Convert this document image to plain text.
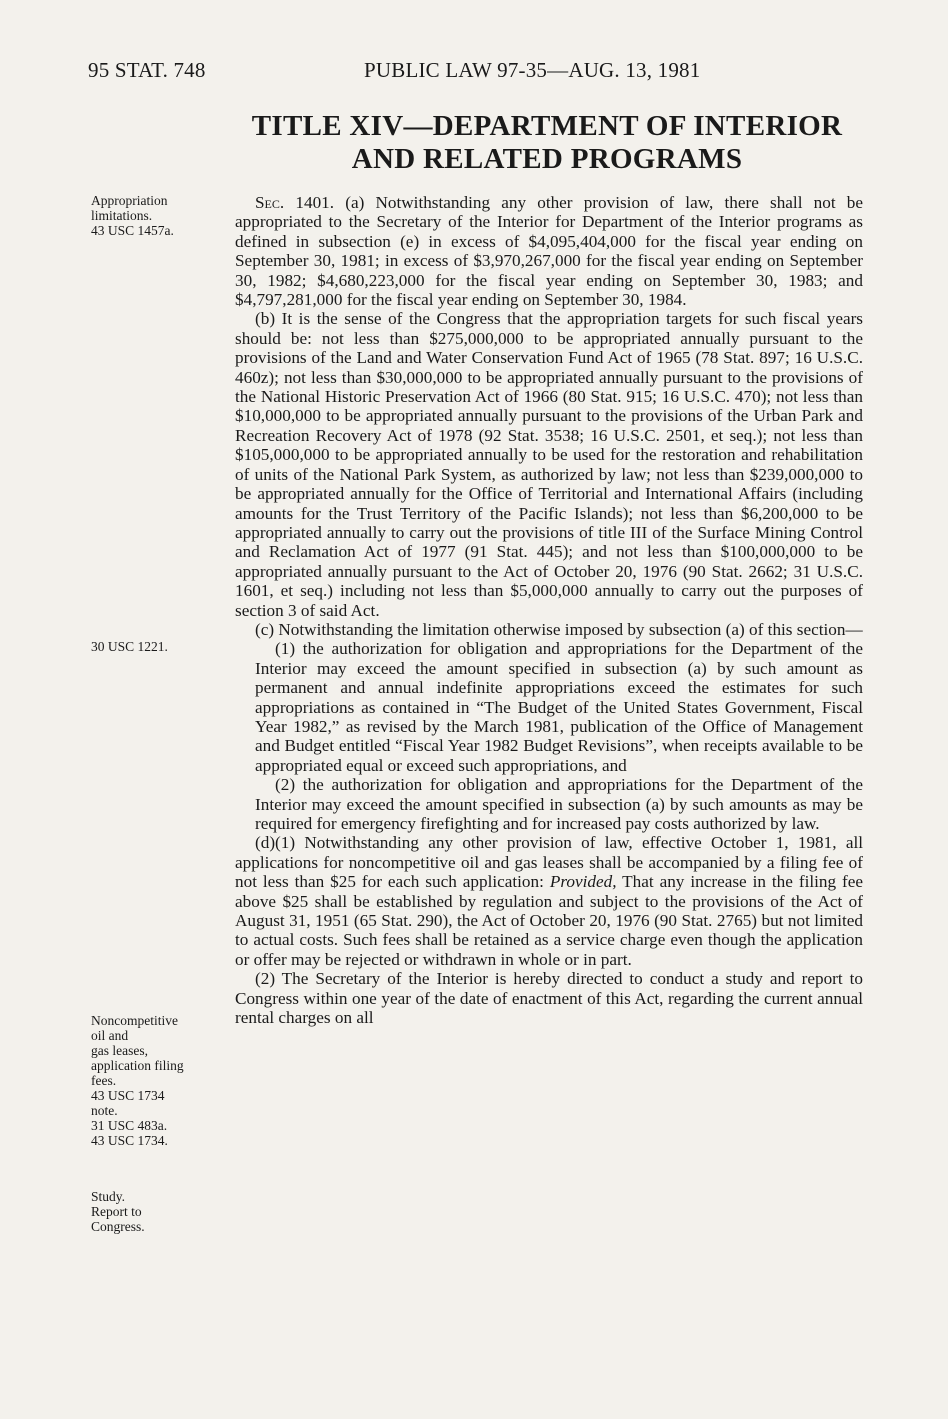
95 STAT. 748	PUBLIC LAW 97-35—AUG. 13, 1981
TITLE XIV—DEPARTMENT OF INTERIOR
AND RELATED PROGRAMS
Appropriation
limitations.
43 USC 1457a.
30 USC 1221.
Noncompetitive
oil and
gas leases,
application filing
fees.
43 USC 1734
note.
31 USC 483a.
43 USC 1734.
Study.
Report to
Congress.

Sec. 1401. (a) Notwithstanding any other provision of law, there shall not be appropriated to the Secretary of the Interior for Department of the Interior programs as defined in subsection (e) in excess of $4,095,404,000 for the fiscal year ending on September 30, 1981; in excess of $3,970,267,000 for the fiscal year ending on September 30, 1982; $4,680,223,000 for the fiscal year ending on September 30, 1983; and $4,797,281,000 for the fiscal year ending on September 30, 1984.

(b) It is the sense of the Congress that the appropriation targets for such fiscal years should be: not less than $275,000,000 to be appropriated annually pursuant to the provisions of the Land and Water Conservation Fund Act of 1965 (78 Stat. 897; 16 U.S.C. 460z); not less than $30,000,000 to be appropriated annually pursuant to the provisions of the National Historic Preservation Act of 1966 (80 Stat. 915; 16 U.S.C. 470); not less than $10,000,000 to be appropriated annually pursuant to the provisions of the Urban Park and Recreation Recovery Act of 1978 (92 Stat. 3538; 16 U.S.C. 2501, et seq.); not less than $105,000,000 to be appropriated annually to be used for the restoration and rehabilitation of units of the National Park System, as authorized by law; not less than $239,000,000 to be appropriated annually for the Office of Territorial and International Affairs (including amounts for the Trust Territory of the Pacific Islands); not less than $6,200,000 to be appropriated annually to carry out the provisions of title III of the Surface Mining Control and Reclamation Act of 1977 (91 Stat. 445); and not less than $100,000,000 to be appropriated annually pursuant to the Act of October 20, 1976 (90 Stat. 2662; 31 U.S.C. 1601, et seq.) including not less than $5,000,000 annually to carry out the purposes of section 3 of said Act.

(c) Notwithstanding the limitation otherwise imposed by subsection (a) of this section—

(1) the authorization for obligation and appropriations for the Department of the Interior may exceed the amount specified in subsection (a) by such amount as permanent and annual indefinite appropriations exceed the estimates for such appropriations as contained in “The Budget of the United States Government, Fiscal Year 1982,” as revised by the March 1981, publication of the Office of Management and Budget entitled “Fiscal Year 1982 Budget Revisions”, when receipts available to be appropriated equal or exceed such appropriations, and

(2) the authorization for obligation and appropriations for the Department of the Interior may exceed the amount specified in subsection (a) by such amounts as may be required for emergency firefighting and for increased pay costs authorized by law.

(d)(1) Notwithstanding any other provision of law, effective October 1, 1981, all applications for noncompetitive oil and gas leases shall be accompanied by a filing fee of not less than $25 for each such application: Provided, That any increase in the filing fee above $25 shall be established by regulation and subject to the provisions of the Act of August 31, 1951 (65 Stat. 290), the Act of October 20, 1976 (90 Stat. 2765) but not limited to actual costs. Such fees shall be retained as a service charge even though the application or offer may be rejected or withdrawn in whole or in part.

(2) The Secretary of the Interior is hereby directed to conduct a study and report to Congress within one year of the date of enactment of this Act, regarding the current annual rental charges on all
